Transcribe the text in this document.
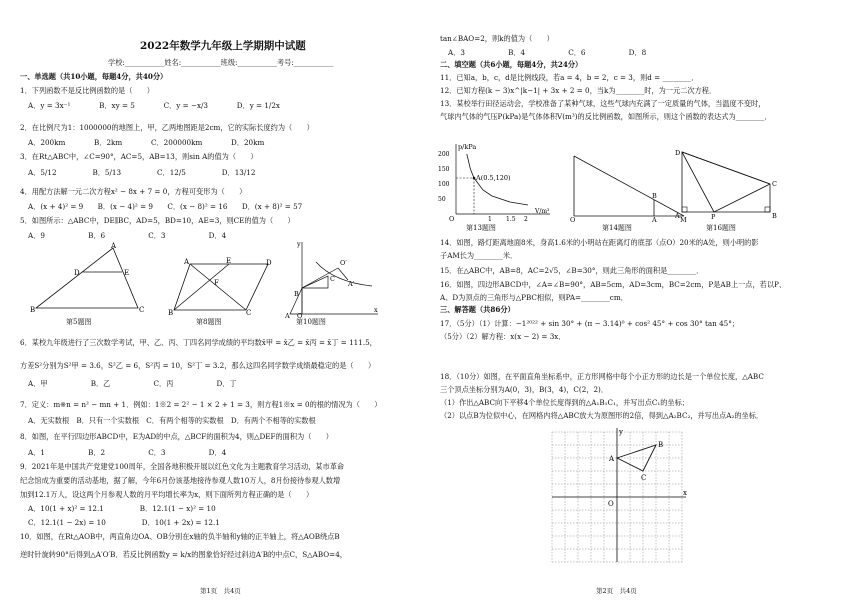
2022年数学九年级上学期期中试题
学校:___________姓名:___________班级:___________考号:___________
一、单选题（共10小题，每题4分，共40分）
1．下列函数不是反比例函数的是（　　）
A．y = 3x⁻¹　　　　B．xy = 5　　　　C．y = −x/3　　　　D．y = 1/2x
2．在比例尺为1：1000000的地图上，甲，乙两地图距是2cm，它的实际长度约为（　　）
A．200km　　　　B．2km　　　　C．200000km　　　　D．20km
3．在Rt△ABC中，∠C=90°，AC=5，AB=13，则sin A的值为（　　）
A．5/12　　　　　B．5/13　　　　　C．12/5　　　　　D．13/12
4．用配方法解一元二次方程x² − 8x + 7 = 0，方程可变形为（　　）
A．(x + 4)² = 9　　B．(x − 4)² = 9　　C．(x − 8)² = 16　　D．(x + 8)² = 57
5．如图所示：△ABC中，DE∥BC，AD=5，BD=10，AE=3，则CE的值为（　　）
A．9　　　　　　B．6　　　　　　C．3　　　　　　D．4
A
D	E
B	C
第5题图
A	E	D
F
B	C
第8题图
x
y
B
O′
C
A′
A O
第10题图
6．某校九年级进行了三次数学考试，甲、乙、丙、丁四名同学成绩的平均数x̄甲 = x̄乙 = x̄丙 = x̄丁 = 111.5，
方差S²分别为S²甲 = 3.6，S²乙 = 6，S²丙 = 10，S²丁 = 3.2，那么这四名同学数学成绩最稳定的是（　　）
A．甲　　　　　　B．乙　　　　　　C．丙　　　　　　D．丁
7．定义：m※n = n² − mn + 1．例如：1※2 = 2² − 1 × 2 + 1 = 3，则方程1※x = 0的根的情况为（　　）
A．无实数根　B．只有一个实数根　C．有两个相等的实数根　D．有两个不相等的实数根
8．如图，在平行四边形ABCD中，E为AD的中点，△BCF的面积为4，则△DEF的面积为（　　）
A．1　　　　　　B．2　　　　　　C．3　　　　　　D．4
9．2021年是中国共产党建党100周年，全国各地积极开展以红色文化为主题教育学习活动，某市革命
纪念馆成为重要的活动基地，据了解，今年6月份该基地接待参观人数10万人，8月份接待参观人数增
加到12.1万人，设这两个月参观人数的月平均增长率为x，则下面所列方程正确的是（　　）
A．10(1 + x)² = 12.1　　　　　B．12.1(1 − x)² = 10
C．12.1(1 − 2x) = 10　　　　　D．10(1 + 2x) = 12.1
10．如图，在Rt△AOB中，两直角边OA、OB分别在x轴的负半轴和y轴的正半轴上，将△AOB绕点B
逆时针旋转90°后得到△A′O′B．若反比例函数y = k/x的图象恰好经过斜边A′B的中点C，S△ABO=4，
第1页　共4页
tan∠BAO=2，则k的值为（　　）
A．3　　　　　　B．4　　　　　　C．6　　　　　　D．8
二、填空题（共6小题，每题4分，共24分）
11．已知a，b，c，d是比例线段，若a = 4，b = 2，c = 3，则d = ________．
12．已知方程(k − 3)x^|k−1| + 3x + 2 = 0，当k为________时，为一元二次方程．
13．某校举行田径运动会，学校准备了某种气球，这些气球内充满了一定质量的气体，当温度不变时，
气球内气体的气压P(kPa)是气体体积V(m³)的反比例函数，如图所示，则这个函数的表达式为________．
p/kPa
V/m³
O	1 1.5 2
50
100
150
200
A(0.5,120)
第13题图
B
O	A	M
第14题图
D
C
A	P	B
第16题图
14．如图，路灯距离地面8米，身高1.6米的小明站在距离灯的底部（点O）20米的A处，则小明的影
子AM长为________米．
15．在△ABC中，AB=8，AC=2√5，∠B=30°，则此三角形的面积是________．
16．如图，四边形ABCD中，∠A=∠B=90°，AB=5cm，AD=3cm，BC=2cm，P是AB上一点，若以P、
A、D为顶点的三角形与△PBC相似，则PA=________cm．
三、解答题（共86分）
17．（5分）（1）计算：−1²⁰²² + sin 30° + (π − 3.14)⁰ + cos² 45° + cos 30° tan 45°；
（5分）（2）解方程：x(x − 2) = 3x．
18．（10分）如图，在平面直角坐标系中，正方形网格中每个小正方形的边长是一个单位长度，△ABC
三个顶点坐标分别为A(0，3)，B(3，4)，C(2，2)．
（1）作出△ABC向下平移4个单位长度得到的△A₁B₁C₁，并写出点C₁的坐标；
（2）以点B为位似中心，在网格内将△ABC放大为原图形的2倍，得到△A₂BC₂，并写出点A₂的坐标．
A
B
C
O
x
y
第2页　共4页
